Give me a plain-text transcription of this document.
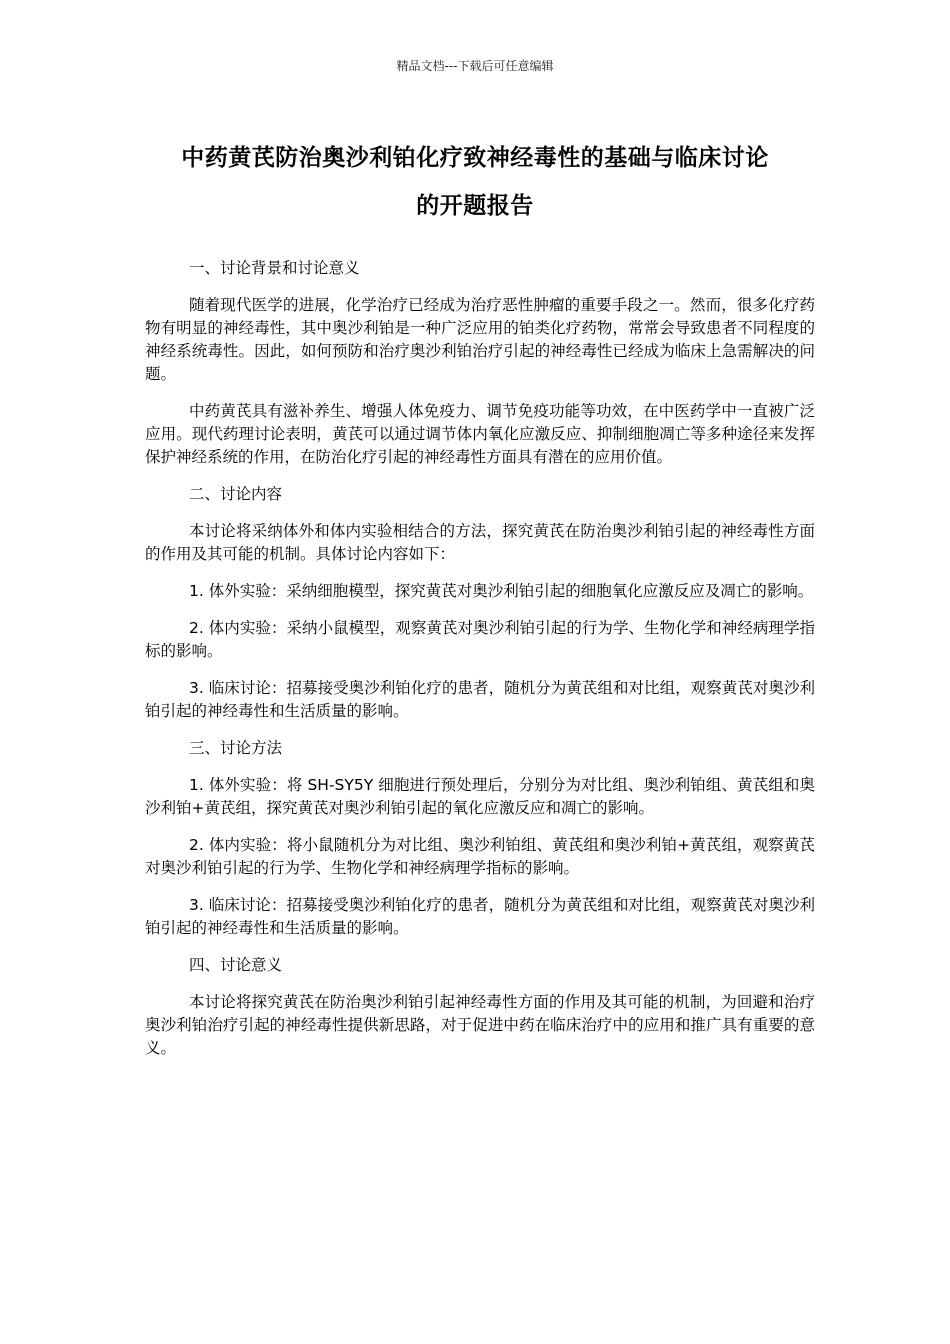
精品文档---下载后可任意编辑
中药黄芪防治奥沙利铂化疗致神经毒性的基础与临床讨论
的开题报告

一、讨论背景和讨论意义

随着现代医学的进展，化学治疗已经成为治疗恶性肿瘤的重要手段之一。然而，很多化疗药物有明显的神经毒性，其中奥沙利铂是一种广泛应用的铂类化疗药物，常常会导致患者不同程度的神经系统毒性。因此，如何预防和治疗奥沙利铂治疗引起的神经毒性已经成为临床上急需解决的问题。

中药黄芪具有滋补养生、增强人体免疫力、调节免疫功能等功效，在中医药学中一直被广泛应用。现代药理讨论表明，黄芪可以通过调节体内氧化应激反应、抑制细胞凋亡等多种途径来发挥保护神经系统的作用，在防治化疗引起的神经毒性方面具有潜在的应用价值。

二、讨论内容

本讨论将采纳体外和体内实验相结合的方法，探究黄芪在防治奥沙利铂引起的神经毒性方面的作用及其可能的机制。具体讨论内容如下：

1. 体外实验：采纳细胞模型，探究黄芪对奥沙利铂引起的细胞氧化应激反应及凋亡的影响。

2. 体内实验：采纳小鼠模型，观察黄芪对奥沙利铂引起的行为学、生物化学和神经病理学指标的影响。

3. 临床讨论：招募接受奥沙利铂化疗的患者，随机分为黄芪组和对比组，观察黄芪对奥沙利铂引起的神经毒性和生活质量的影响。

三、讨论方法

1. 体外实验：将 SH-SY5Y 细胞进行预处理后，分别分为对比组、奥沙利铂组、黄芪组和奥沙利铂+黄芪组，探究黄芪对奥沙利铂引起的氧化应激反应和凋亡的影响。

2. 体内实验：将小鼠随机分为对比组、奥沙利铂组、黄芪组和奥沙利铂+黄芪组，观察黄芪对奥沙利铂引起的行为学、生物化学和神经病理学指标的影响。

3. 临床讨论：招募接受奥沙利铂化疗的患者，随机分为黄芪组和对比组，观察黄芪对奥沙利铂引起的神经毒性和生活质量的影响。

四、讨论意义

本讨论将探究黄芪在防治奥沙利铂引起神经毒性方面的作用及其可能的机制，为回避和治疗奥沙利铂治疗引起的神经毒性提供新思路，对于促进中药在临床治疗中的应用和推广具有重要的意义。
